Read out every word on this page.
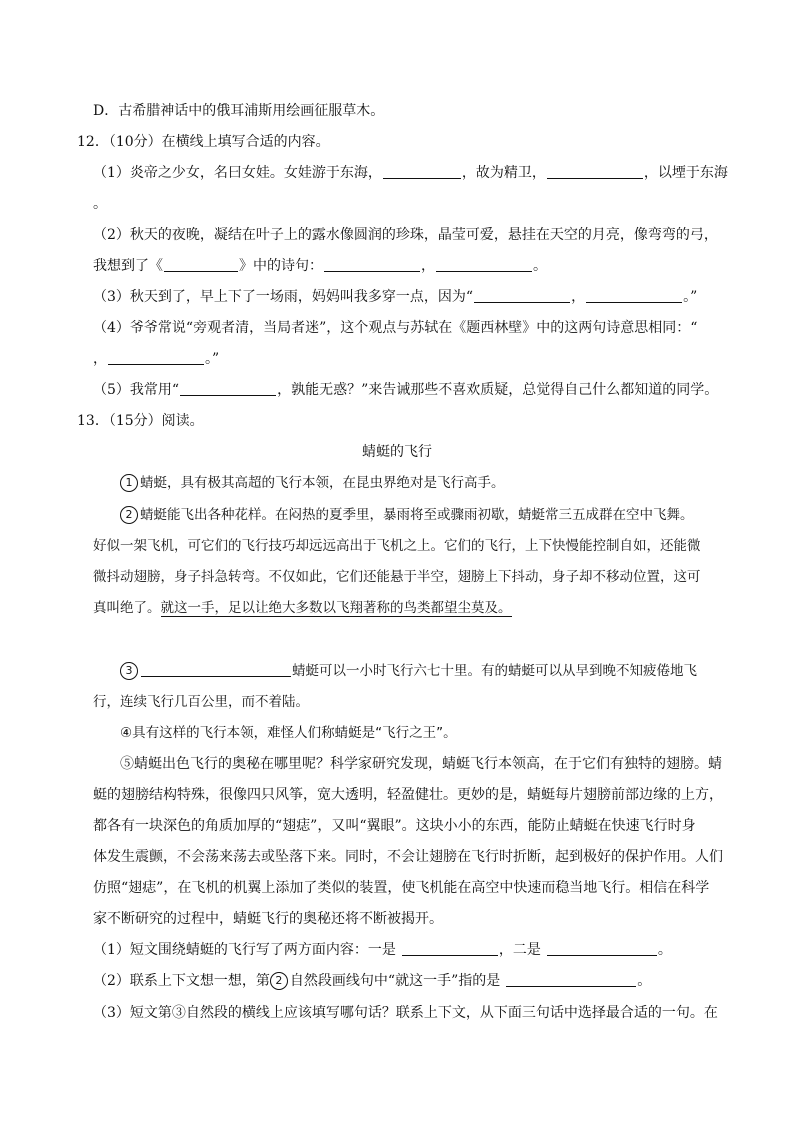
D．古希腊神话中的俄耳浦斯用绘画征服草木。
12．（10分）在横线上填写合适的内容。
（1）炎帝之少女，名曰女娃。女娃游于东海，	，故为精卫，	，以堙于东海
。
（2）秋天的夜晚，凝结在叶子上的露水像圆润的珍珠，晶莹可爱，悬挂在天空的月亮，像弯弯的弓，
我想到了《	》中的诗句：	，	。
（3）秋天到了，早上下了一场雨，妈妈叫我多穿一点，因为“	，	。”
（4）爷爷常说“旁观者清，当局者迷”，这个观点与苏轼在《题西林壁》中的这两句诗意思相同：“
，	。”
（5）我常用“	，孰能无惑？”来告诫那些不喜欢质疑，总觉得自己什么都知道的同学。
13．（15分）阅读。
蜻蜓的飞行
1 蜻蜓，具有极其高超的飞行本领，在昆虫界绝对是飞行高手。
2 蜻蜓能飞出各种花样。在闷热的夏季里，暴雨将至或骤雨初歇，蜻蜓常三五成群在空中飞舞。
好似一架飞机，可它们的飞行技巧却远远高出于飞机之上。它们的飞行，上下快慢能控制自如，还能微
微抖动翅膀，身子抖急转弯。不仅如此，它们还能悬于半空，翅膀上下抖动，身子却不移动位置，这可
真叫绝了。就这一手，足以让绝大多数以飞翔著称的鸟类都望尘莫及。
3	蜻蜓可以一小时飞行六七十里。有的蜻蜓可以从早到晚不知疲倦地飞
行，连续飞行几百公里，而不着陆。
④具有这样的飞行本领，难怪人们称蜻蜓是“飞行之王”。
⑤蜻蜓出色飞行的奥秘在哪里呢？科学家研究发现，蜻蜓飞行本领高，在于它们有独特的翅膀。蜻
蜓的翅膀结构特殊，很像四只风筝，宽大透明，轻盈健壮。更妙的是，蜻蜓每片翅膀前部边缘的上方，
都各有一块深色的角质加厚的“翅痣”，又叫“翼眼”。这块小小的东西，能防止蜻蜓在快速飞行时身
体发生震颤，不会荡来荡去或坠落下来。同时，不会让翅膀在飞行时折断，起到极好的保护作用。人们
仿照“翅痣”，在飞机的机翼上添加了类似的装置，使飞机能在高空中快速而稳当地飞行。相信在科学
家不断研究的过程中，蜻蜓飞行的奥秘还将不断被揭开。
（1）短文围绕蜻蜓的飞行写了两方面内容：一是	，二是	。
（2）联系上下文想一想，第 2 自然段画线句中“就这一手”指的是	。
（3）短文第③自然段的横线上应该填写哪句话？联系上下文，从下面三句话中选择最合适的一句。在
